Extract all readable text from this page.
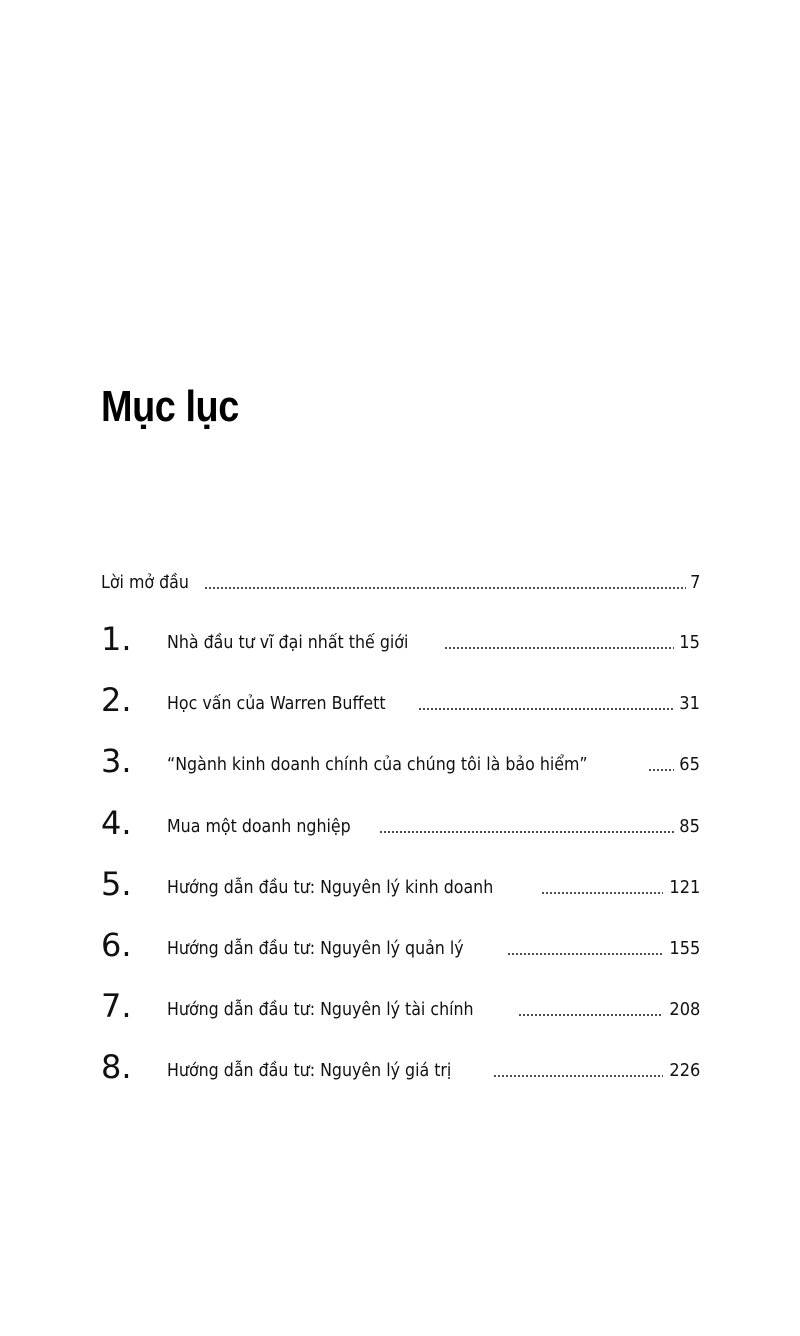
Mục lục
Lời mở đầu	7
1.	Nhà đầu tư vĩ đại nhất thế giới	15
2.	Học vấn của Warren Buffett	31
3.	“Ngành kinh doanh chính của chúng tôi là bảo hiểm”	65
4.	Mua một doanh nghiệp	85
5.	Hướng dẫn đầu tư: Nguyên lý kinh doanh	121
6.	Hướng dẫn đầu tư: Nguyên lý quản lý	155
7.	Hướng dẫn đầu tư: Nguyên lý tài chính	208
8.	Hướng dẫn đầu tư: Nguyên lý giá trị	226
